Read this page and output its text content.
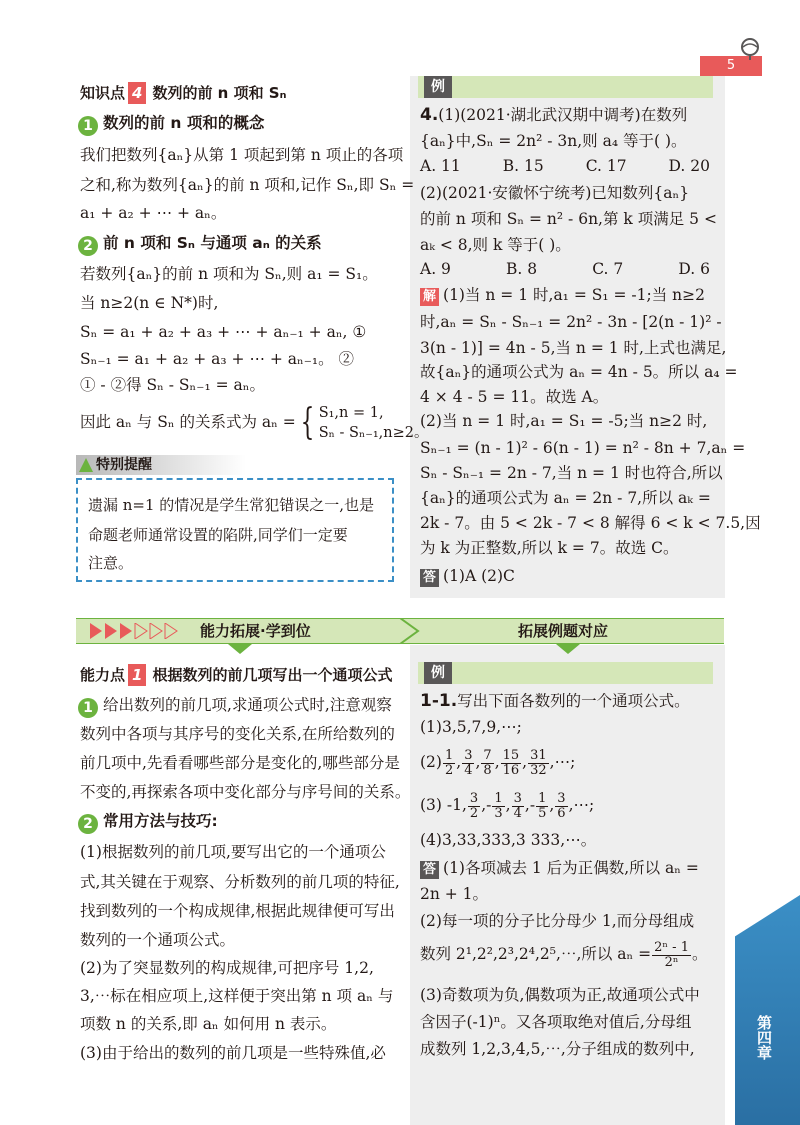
5
第四章
知识点 4 数列的前 n 项和 Sₙ
1 数列的前 n 项和的概念
我们把数列{aₙ}从第 1 项起到第 n 项止的各项
之和,称为数列{aₙ}的前 n 项和,记作 Sₙ,即 Sₙ =
a₁ + a₂ + ⋯ + aₙ。
2 前 n 项和 Sₙ 与通项 aₙ 的关系
若数列{aₙ}的前 n 项和为 Sₙ,则 a₁ = S₁。
当 n≥2(n ∈ N*)时,
Sₙ = a₁ + a₂ + a₃ + ⋯ + aₙ₋₁ + aₙ, ①
Sₙ₋₁ = a₁ + a₂ + a₃ + ⋯ + aₙ₋₁。 ②
① - ②得 Sₙ - Sₙ₋₁ = aₙ。
因此 aₙ 与 Sₙ 的关系式为 aₙ = { S₁,n = 1,
Sₙ - Sₙ₋₁,n≥2。
特别提醒
遗漏 n=1 的情况是学生常犯错误之一,也是
命题老师通常设置的陷阱,同学们一定要
注意。
例
4.(1)(2021·湖北武汉期中调考)在数列
{aₙ}中,Sₙ = 2n² - 3n,则 a₄ 等于( )。
A. 11	B. 15	C. 17	D. 20
(2)(2021·安徽怀宁统考)已知数列{aₙ}
的前 n 项和 Sₙ = n² - 6n,第 k 项满足 5 <
aₖ < 8,则 k 等于( )。
A. 9	B. 8	C. 7	D. 6
解 (1)当 n = 1 时,a₁ = S₁ = -1;当 n≥2
时,aₙ = Sₙ - Sₙ₋₁ = 2n² - 3n - [2(n - 1)² -
3(n - 1)] = 4n - 5,当 n = 1 时,上式也满足,
故{aₙ}的通项公式为 aₙ = 4n - 5。所以 a₄ =
4 × 4 - 5 = 11。故选 A。
(2)当 n = 1 时,a₁ = S₁ = -5;当 n≥2 时,
Sₙ₋₁ = (n - 1)² - 6(n - 1) = n² - 8n + 7,aₙ =
Sₙ - Sₙ₋₁ = 2n - 7,当 n = 1 时也符合,所以
{aₙ}的通项公式为 aₙ = 2n - 7,所以 aₖ =
2k - 7。由 5 < 2k - 7 < 8 解得 6 < k < 7.5,因
为 k 为正整数,所以 k = 7。故选 C。
答 (1)A (2)C
能力拓展·学到位	拓展例题对应
能力点 1 根据数列的前几项写出一个通项公式
1 给出数列的前几项,求通项公式时,注意观察
数列中各项与其序号的变化关系,在所给数列的
前几项中,先看看哪些部分是变化的,哪些部分是
不变的,再探索各项中变化部分与序号间的关系。
2 常用方法与技巧:
(1)根据数列的前几项,要写出它的一个通项公
式,其关键在于观察、分析数列的前几项的特征,
找到数列的一个构成规律,根据此规律便可写出
数列的一个通项公式。
(2)为了突显数列的构成规律,可把序号 1,2,
3,⋯标在相应项上,这样便于突出第 n 项 aₙ 与
项数 n 的关系,即 aₙ 如何用 n 表示。
(3)由于给出的数列的前几项是一些特殊值,必
例
1-1.写出下面各数列的一个通项公式。
(1)3,5,7,9,⋯;
$(2) \frac{1}{2}$ , $\frac{3}{4}$ , $\frac{7}{8}$ , $\frac{15}{16}$ , $\frac{31}{32}$ ,⋯;
(3) -1, $\frac{3}{2}$ ,- $\frac{1}{3}$ , $\frac{3}{4}$ ,- $\frac{1}{5}$ , $\frac{3}{6}$ ,⋯;
(4)3,33,333,3 333,⋯。
答 (1)各项减去 1 后为正偶数,所以 aₙ =
2n + 1。
(2)每一项的分子比分母少 1,而分母组成
数列 2¹,2²,2³,2⁴,2⁵,⋯,所以 $a_n = \frac{\text{2ⁿ - 1}}{\text{2ⁿ}}$ 。
(3)奇数项为负,偶数项为正,故通项公式中
含因子(-1)ⁿ。又各项取绝对值后,分母组
成数列 1,2,3,4,5,⋯,分子组成的数列中,
